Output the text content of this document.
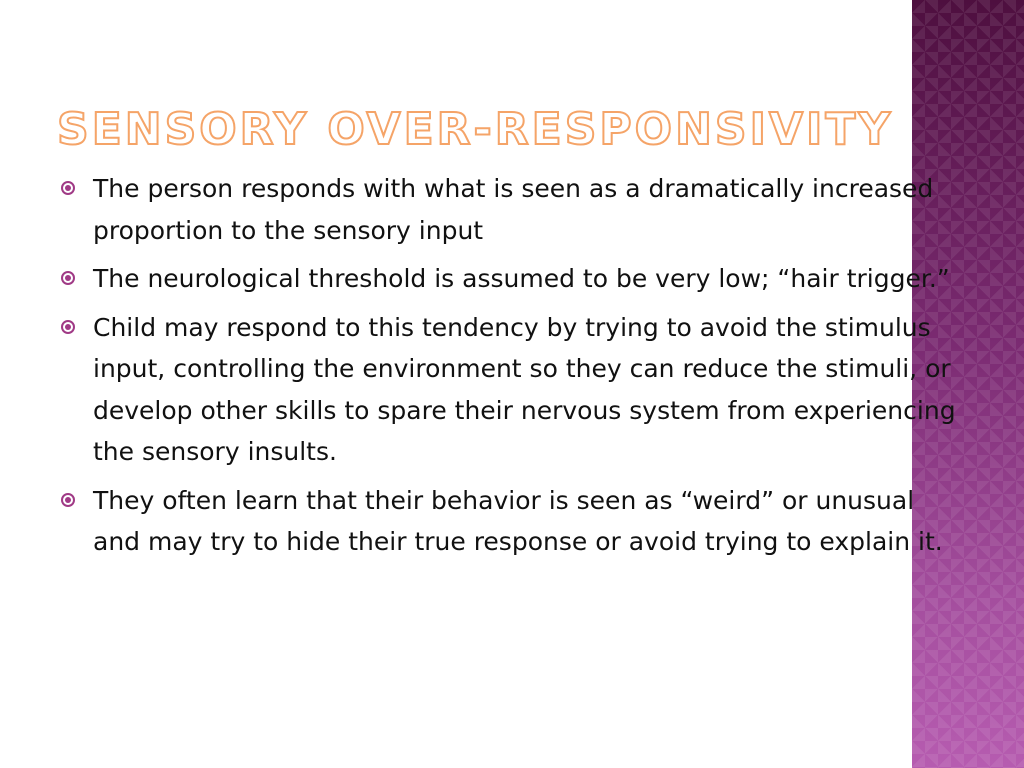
SENSORY OVER-RESPONSIVITY
The person responds with what is seen as a dramatically increased proportion to the sensory input
The neurological threshold is assumed to be very low; “hair trigger.”
Child may respond to this tendency by trying to avoid the stimulus input, controlling the environment so they can reduce the stimuli, or develop other skills to spare their nervous system from experiencing the sensory insults.
They often learn that their behavior is seen as “weird” or unusual and may try to hide their true response or avoid trying to explain it.
